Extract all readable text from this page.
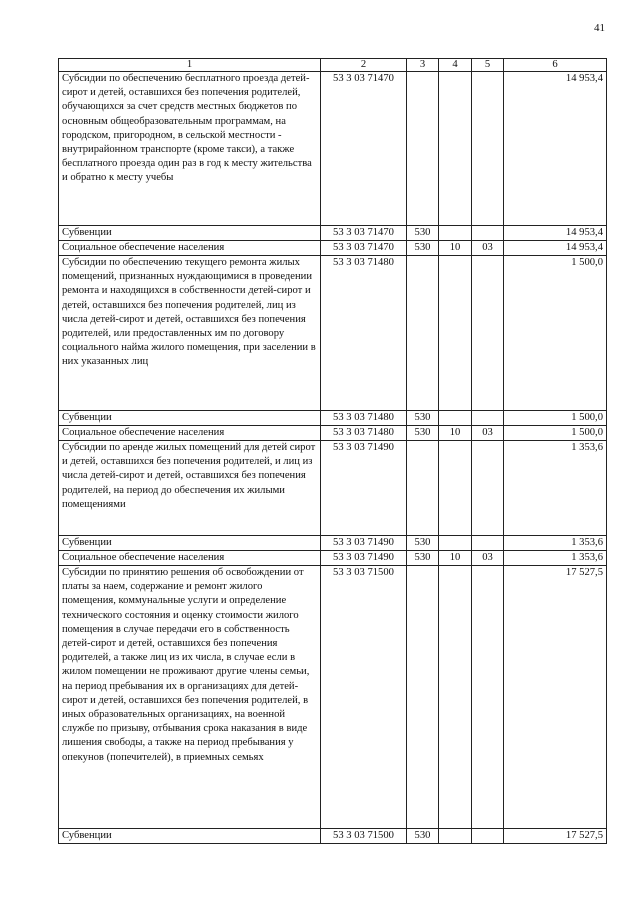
41
1	2	3	4	5	6
Субсидии по обеспечению бесплатного проезда детей-сирот и детей, оставшихся без попечения родителей, обучающихся за счет средств местных бюджетов по основным общеобразовательным программам, на городском, пригородном, в сельской местности - внутрирайонном транспорте (кроме такси), а также бесплатного проезда один раз в год к месту жительства и обратно к месту учебы	53 3 03 71470				14 953,4
Субвенции	53 3 03 71470	530			14 953,4
Социальное обеспечение населения	53 3 03 71470	530	10	03	14 953,4
Субсидии по обеспечению текущего ремонта жилых помещений, признанных нуждающимися в проведении ремонта и находящихся в собственности детей-сирот и детей, оставшихся без попечения родителей, лиц из числа детей-сирот и детей, оставшихся без попечения родителей, или предоставленных им по договору социального найма жилого помещения, при заселении в них указанных лиц	53 3 03 71480				1 500,0
Субвенции	53 3 03 71480	530			1 500,0
Социальное обеспечение населения	53 3 03 71480	530	10	03	1 500,0
Субсидии по аренде жилых помещений для детей сирот и детей, оставшихся без попечения родителей, и лиц из числа детей-сирот и детей, оставшихся без попечения родителей, на период до обеспечения их жилыми помещениями	53 3 03 71490				1 353,6
Субвенции	53 3 03 71490	530			1 353,6
Социальное обеспечение населения	53 3 03 71490	530	10	03	1 353,6
Субсидии по принятию решения об освобождении от платы за наем, содержание и ремонт жилого помещения, коммунальные услуги и определение технического состояния и оценку стоимости жилого помещения в случае передачи его в собственность детей-сирот и детей, оставшихся без попечения родителей, а также лиц из их числа, в случае если в жилом помещении не проживают другие члены семьи, на период пребывания их в организациях для детей-сирот и детей, оставшихся без попечения родителей, в иных образовательных организациях, на военной службе по призыву, отбывания срока наказания в виде лишения свободы, а также на период пребывания у опекунов (попечителей), в приемных семьях	53 3 03 71500				17 527,5
Субвенции	53 3 03 71500	530			17 527,5
